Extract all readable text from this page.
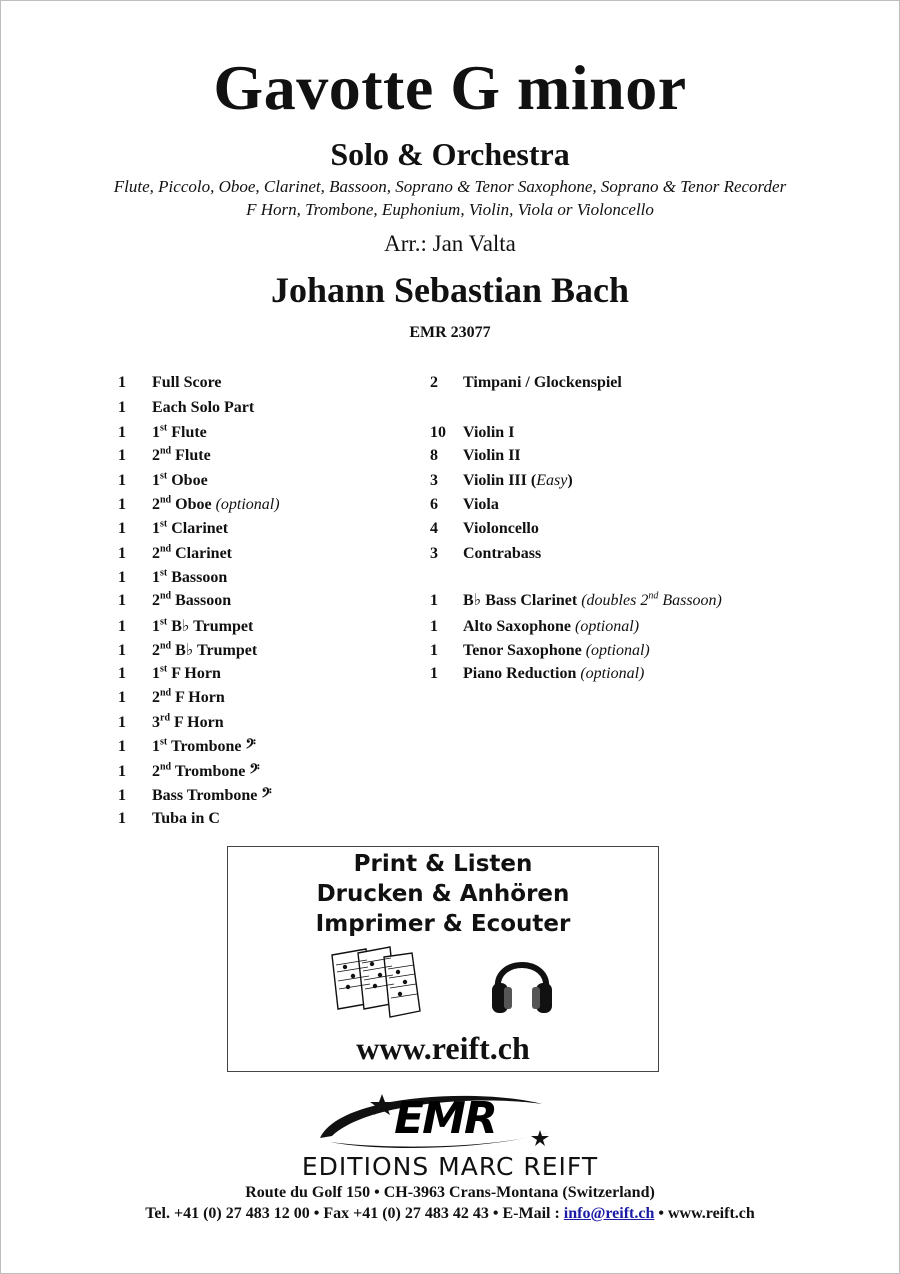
Gavotte G minor
Solo & Orchestra
Flute, Piccolo, Oboe, Clarinet, Bassoon, Soprano & Tenor Saxophone, Soprano & Tenor Recorder
F Horn, Trombone, Euphonium, Violin, Viola or Violoncello
Arr.: Jan Valta
Johann Sebastian Bach
EMR 23077
1 Full Score
1 Each Solo Part
1 1st Flute
1 2nd Flute
1 1st Oboe
1 2nd Oboe (optional)
1 1st Clarinet
1 2nd Clarinet
1 1st Bassoon
1 2nd Bassoon
1 1st B♭ Trumpet
1 2nd B♭ Trumpet
1 1st F Horn
1 2nd F Horn
1 3rd F Horn
1 1st Trombone 𝄢
1 2nd Trombone 𝄢
1 Bass Trombone 𝄢
1 Tuba in C
2 Timpani / Glockenspiel
10 Violin I
8 Violin II
3 Violin III (Easy)
6 Viola
4 Violoncello
3 Contrabass
1 B♭ Bass Clarinet (doubles 2nd Bassoon)
1 Alto Saxophone (optional)
1 Tenor Saxophone (optional)
1 Piano Reduction (optional)
Print & Listen
Drucken & Anhören
Imprimer & Ecouter
www.reift.ch
EMR
EDITIONS MARC REIFT
Route du Golf 150 • CH-3963 Crans-Montana (Switzerland)
Tel. +41 (0) 27 483 12 00 • Fax +41 (0) 27 483 42 43 • E-Mail : info@reift.ch • www.reift.ch
